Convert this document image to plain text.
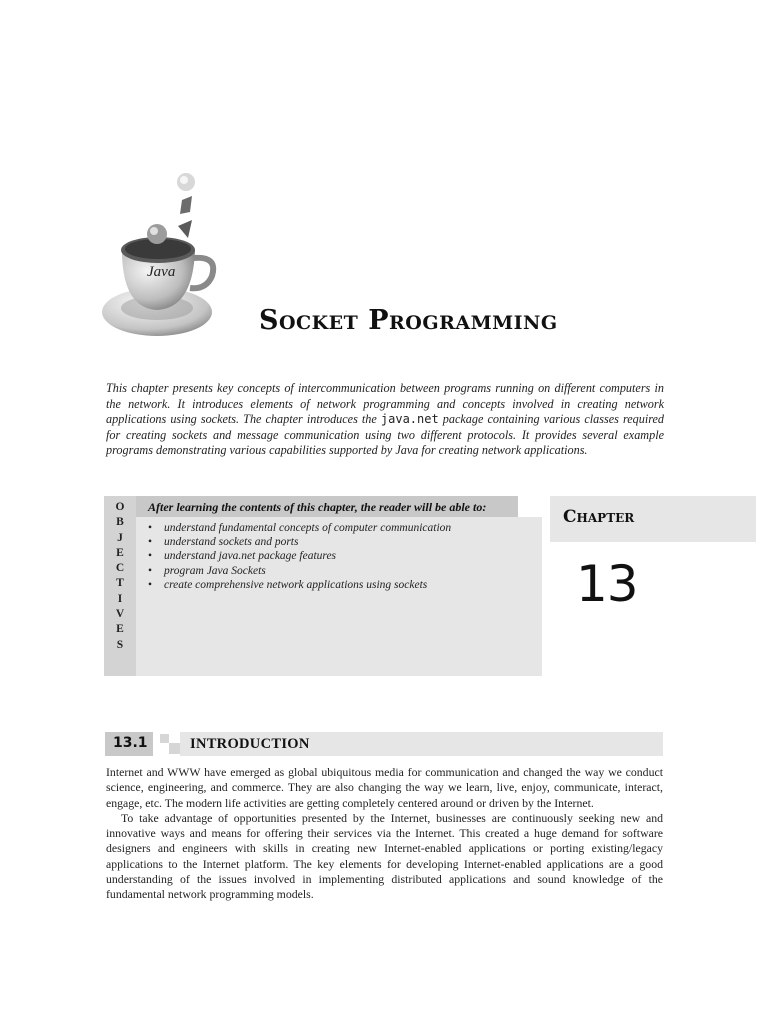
Java
Socket Programming
This chapter presents key concepts of intercommunication between programs running on different computers in the network. It introduces elements of network programming and concepts involved in creating network applications using sockets. The chapter introduces the java.net package containing various classes required for creating sockets and message communication using two different protocols. It provides several example programs demonstrating various capabilities supported by Java for creating network applications.
O
B
J
E
C
T
I
V
E
S
After learning the contents of this chapter, the reader will be able to:
• understand fundamental concepts of computer communication
• understand sockets and ports
• understand java.net package features
• program Java Sockets
• create comprehensive network applications using sockets
Chapter
13
13.1	INTRODUCTION

Internet and WWW have emerged as global ubiquitous media for communication and changed the way we conduct science, engineering, and commerce. They are also changing the way we learn, live, enjoy, communicate, interact, engage, etc. The modern life activities are getting completely centered around or driven by the Internet.

To take advantage of opportunities presented by the Internet, businesses are continuously seeking new and innovative ways and means for offering their services via the Internet. This created a huge demand for software designers and engineers with skills in creating new Internet-enabled applications or porting existing/legacy applications to the Internet platform. The key elements for developing Internet-enabled applications are a good understanding of the issues involved in implementing distributed applications and sound knowledge of the fundamental network programming models.
